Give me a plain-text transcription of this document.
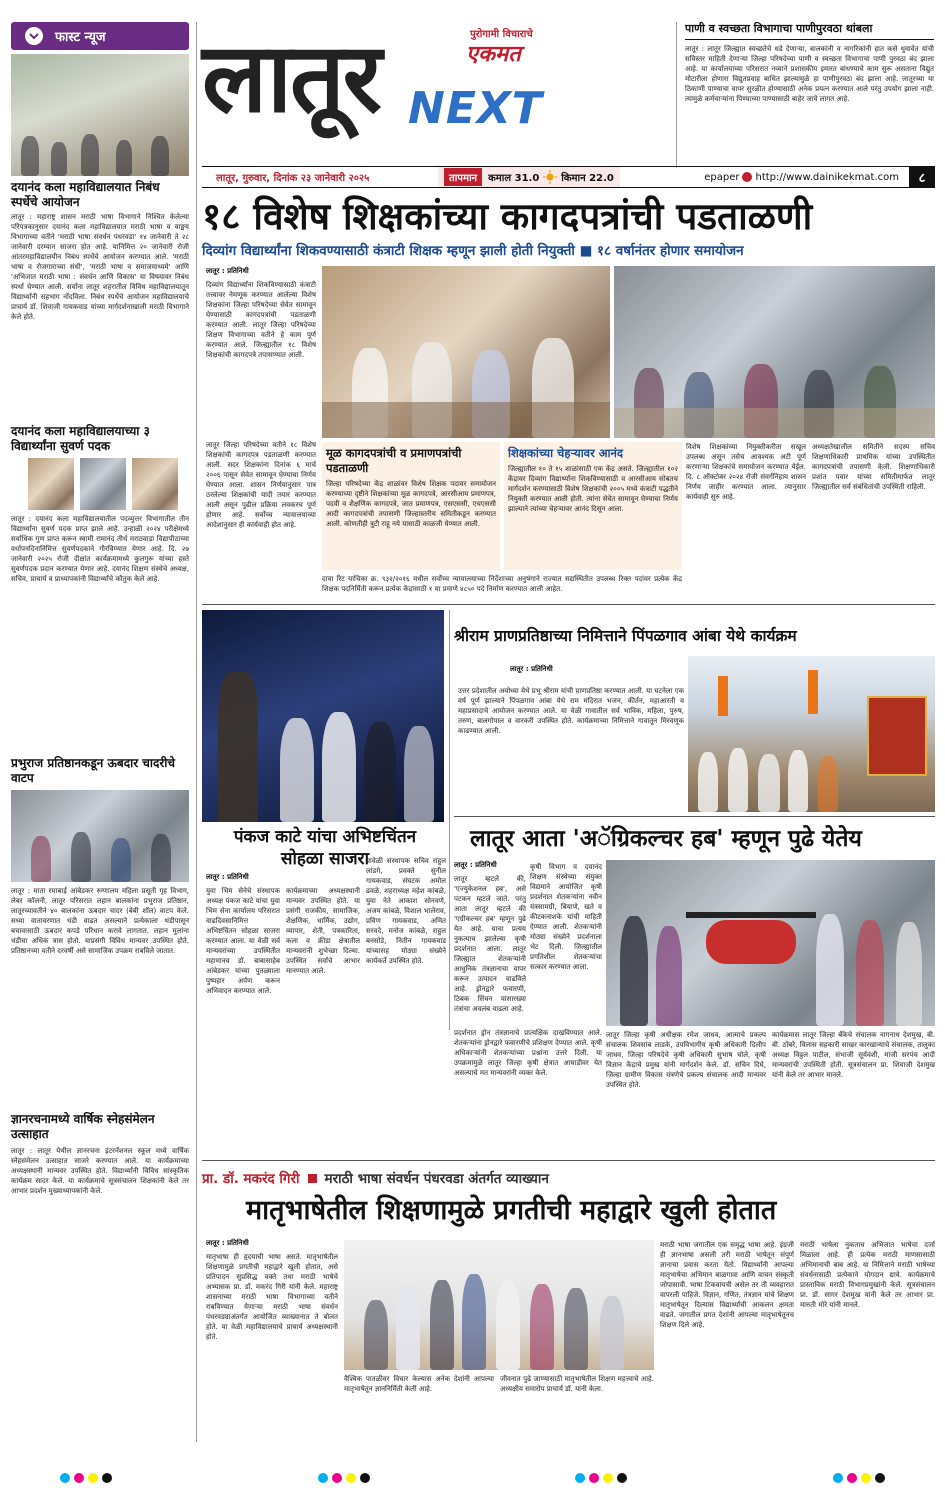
फास्ट न्यूज
दयानंद कला महाविद्यालयात निबंध स्पर्धेचे आयोजन
लातूर : महाराष्ट्र शासन मराठी भाषा विभागाने निश्चित केलेल्या परिपत्रकानुसार दयानंद कला महाविद्यालयात मराठी भाषा व वाङ्मय विभागाच्या वतीने 'मराठी भाषा संवर्धन पंधरवडा' १४ जानेवारी ते २८ जानेवारी दरम्यान साजरा होत आहे. यानिमित्त २० जानेवारी रोजी आंतरमहाविद्यालयीन निबंध स्पर्धेचे आयोजन करण्यात आले. 'मराठी भाषा व रोजगाराच्या संधी', 'मराठी भाषा व समाजमाध्यमे' आणि 'अभिजात मराठी भाषा : संवर्धन आणि विकास' या विषयावर निबंध स्पर्धा घेण्यात आली. सर्वांना लातूर शहरातील विविध महाविद्यालयातून विद्यार्थ्यांनी सहभाग नोंदविला. निबंध स्पर्धेचे आयोजन महाविद्यालयाचे प्राचार्य डॉ. शिवाजी गायकवाड यांच्या मार्गदर्शनाखाली मराठी विभागाने केले होते.
दयानंद कला महाविद्यालयाच्या ३ विद्यार्थ्यांना सुवर्ण पदक
लातूर : दयानंद कला महाविद्यालयातील पदव्युत्तर विभागातील तीन विद्यार्थ्यांना सुवर्ण पदक प्राप्त झाले आहे. उन्हाळी २०२४ परीक्षेमध्ये सर्वाधिक गुण प्राप्त करून स्वामी रामानंद तीर्थ मराठवाडा विद्यापीठाच्या वर्धापनदिनानिमित्त सुवर्णपदकाने गौरविण्यात येणार आहे. दि. २७ जानेवारी २०२५ रोजी दीक्षांत कार्यक्रमामध्ये कुलगुरू यांच्या हस्ते सुवर्णपदक प्रदान करण्यात येणार आहे. दयानंद शिक्षण संस्थेचे अध्यक्ष, सचिव, प्राचार्य व प्राध्यापकांनी विद्यार्थ्यांचे कौतुक केले आहे.
प्रभुराज प्रतिष्ठानकडून ऊबदार चादरीचे वाटप
लातूर : माता रमाबाई आंबेडकर रुग्णालय महिला प्रसूती गृह विभाग, लेबर कॉलनी, लातूर परिसरात लहान बालकांना प्रभुराज प्रतिष्ठान, लातूरच्यावतीने ४० बालकांना ऊबदार चादर (बेबी शॉल) वाटप केले. सध्या वातावरणात थंडी वाढत असल्याने प्रत्येकाला थंडीपासून बचावासाठी ऊबदार कपडे परिधान करावे लागतात. लहान मुलांना थंडीचा अधिक त्रास होतो. याप्रसंगी विविध मान्यवर उपस्थित होते. प्रतिष्ठानच्या वतीने दरवर्षी असे सामाजिक उपक्रम राबविले जातात.
ज्ञानरचनामध्ये वार्षिक स्नेहसंमेलन उत्साहात
लातूर : लातूर येथील ज्ञानरचना इंटरनॅशनल स्कूल मध्ये वार्षिक स्नेहसंमेलन उत्साहात साजरे करण्यात आले. या कार्यक्रमाच्या अध्यक्षस्थानी मान्यवर उपस्थित होते. विद्यार्थ्यांनी विविध सांस्कृतिक कार्यक्रम सादर केले. या कार्यक्रमाचे सूत्रसंचालन शिक्षकांनी केले तर आभार प्रदर्शन मुख्याध्यापकांनी केले.
लातूर	पुरोगामी विचाराचे
एकमत
NEXT
पाणी व स्वच्छता विभागाचा पाणीपुरवठा थांबला
लातूर : लातूर जिल्ह्यात स्वच्छतेचे धडे देणाऱ्या, बालकांनी व नागरिकांनी हात कसे धुवावेत यांची सविस्तर माहिती देणाऱ्या जिल्हा परिषदेच्या पाणी व स्वच्छता विभागाचा पाणी पुरवठा बंद झाला आहे. या कार्यालयाच्या परिसरात नव्याने प्रशासकीय इमारत बांधण्याचे काम सुरू असताना विद्युत मोटारीला होणारा विद्युतप्रवाह बाधित झाल्यामुळे हा पाणीपुरवठा बंद झाला आहे. लातूरच्या या ठिकाणी पाण्याचा वापर सुरळीत होण्यासाठी अनेक प्रयत्न करण्यात आले परंतु उपयोग झाला नाही. त्यामुळे कर्मचाऱ्यांना पिण्याच्या पाण्यासाठी बाहेर जावे लागत आहे.
लातूर, गुरुवार, दिनांक २३ जानेवारी २०२५	तापमान	कमाल 31.0 किमान 22.0	epaper http://www.dainikekmat.com	८
१८ विशेष शिक्षकांच्या कागदपत्रांची पडताळणी
दिव्यांग विद्यार्थ्यांना शिकवण्यासाठी कंत्राटी शिक्षक म्हणून झाली होती नियुक्ती ■ १८ वर्षानंतर होणार समायोजन
लातूर : प्रतिनिधी
दिव्यांग विद्यार्थ्यांना शिकविण्यासाठी कंत्राटी तत्त्वावर नेमणूक करण्यात आलेल्या विशेष शिक्षकांना जिल्हा परिषदेच्या सेवेत सामावून घेण्यासाठी कागदपत्रांची पडताळणी करण्यात आली. लातूर जिल्हा परिषदेच्या शिक्षण विभागाच्या वतीने हे काम पूर्ण करण्यात आले. जिल्ह्यातील १८ विशेष शिक्षकांची कागदपत्रे तपासण्यात आली.
लातूर जिल्हा परिषदेच्या वतीने १८ विशेष शिक्षकांची कागदपत्र पडताळणी करण्यात आली. सदर शिक्षकांना दिनांक ६ मार्च २००६ पासून सेवेत सामावून घेण्याचा निर्णय घेण्यात आला. शासन निर्णयानुसार पात्र ठरलेल्या शिक्षकांची यादी तयार करण्यात आली असून पुढील प्रक्रिया लवकरच पूर्ण होणार आहे. सर्वोच्च न्यायालयाच्या आदेशानुसार ही कार्यवाही होत आहे.
मूळ कागदपत्रांची व प्रमाणपत्रांची पडताळणी
जिल्हा परिषदेच्या केंद्र शाळांवर विशेष शिक्षक पदावर समायोजन करण्याच्या दृष्टीने शिक्षकांच्या मूळ कागदपत्रे, आरसीआय प्रमाणपत्र, पदवी व शैक्षणिक कागदपत्रे, जात प्रमाणपत्र, एसएससी, एचएससी आदी कागदपत्रांची तपासणी जिल्हास्तरीय समितीकडून करण्यात आली. कोणतीही त्रुटी राहू नये यासाठी काळजी घेण्यात आली.
शिक्षकांच्या चेहऱ्यावर आनंद
जिल्ह्यातील १० ते १५ शाळांसाठी एक केंद्र असते. जिल्ह्यातील १०२ केंद्रावर दिव्यांग विद्यार्थ्यांना शिकविण्यासाठी व आरसीआय सोबतच मार्गदर्शन करण्यासाठी विशेष शिक्षकांची २००५ मध्ये कंत्राटी पद्धतीने नियुक्ती करण्यात आली होती. त्यांना सेवेत सामावून घेण्याचा निर्णय झाल्याने त्यांच्या चेहऱ्यावर आनंद दिसून आला.
विशेष शिक्षकांच्या नियुक्तीकरीता सखूल उपलब्ध असून तसेच आवश्यक अटी पूर्ण करणाऱ्या शिक्षकांचे समायोजन करण्यात येईल. दि. ८ ऑक्टोबर २०२४ रोजी संवर्गनिहाय शासन निर्णय जाहीर करण्यात आला. त्यानुसार कार्यवाही सुरु आहे.
अध्यक्षतेखालील समितीने सदस्य सचिव शिक्षणाधिकारी प्राथमिक यांच्या उपस्थितीत कागदपत्रांची तपासणी केली. शिक्षणाधिकारी प्रशांत पवार यांच्या समितीमार्फत लातूर जिल्ह्यातील सर्व संबंधितांची उपस्थिती राहिली.
दावा रिट याचिका क्र. ९३२/२०१६ मधील सर्वोच्च न्यायालयाच्या निर्देशाच्या अनुषंगाने राज्यात सद्यस्थितीत उपलब्ध रिक्त पदांवर प्रत्येक केंद्र शिक्षक पदनिर्मिती करून प्रत्येक केंद्रासाठी १ या प्रमाणे ४८५० पदे निर्माण करण्यात आली आहेत.
पंकज काटे यांचा अभिष्टचिंतन सोहळा साजरा
लातूर : प्रतिनिधी
युवा भिम सेनेचे संस्थापक अध्यक्ष पंकज काटे यांचा युवा भिम सेना कार्यालय परिसरात वाढदिवसानिमित्त अभिष्टचिंतन सोहळा साजरा करण्यात आला. या वेळी सर्व मान्यवरांच्या उपस्थितीत महामानव डॉ. बाबासाहेब आंबेडकर यांच्या पुतळ्याला पुष्पहार अर्पण करून अभिवादन करण्यात आले.
कार्यक्रमाच्या अध्यक्षस्थानी मान्यवर उपस्थित होते. या प्रसंगी राजकीय, सामाजिक, शैक्षणिक, धार्मिक, उद्योग, व्यापार, शेती, पत्रकारिता, कला व क्रीडा क्षेत्रातील मान्यवरांनी शुभेच्छा दिल्या. उपस्थित सर्वांचे आभार मानण्यात आले.
यावेळी संस्थापक सचिव राहुल लांडगे, प्रवक्ते सुनील गायकवाड, संघटक अमोल ढवळे, शहराध्यक्ष महेश कांबळे, युवा नेते आकाश सोनवणे, अजय कांबळे, विशाल भालेराव, प्रविण गायकवाड, अमित सरवदे, मनोज कांबळे, राहुल बनसोडे, नितीन गायकवाड यांच्यासह मोठ्या संख्येने कार्यकर्ते उपस्थित होते.
श्रीराम प्राणप्रतिष्ठाच्या निमित्ताने पिंपळगाव आंबा येथे कार्यक्रम
लातूर : प्रतिनिधी
उत्तर प्रदेशातील अयोध्या येथे प्रभू श्रीराम यांची प्राणप्रतिष्ठा करण्यात आली. या घटनेला एक वर्ष पूर्ण झाल्याने पिंपळगाव आंबा येथे राम मंदिरात भजन, कीर्तन, महाआरती व महाप्रसादाचे आयोजन करण्यात आले. या वेळी गावातील सर्व भाविक, महिला, पुरुष, तरुण, बालगोपाल व वारकरी उपस्थित होते. कार्यक्रमाच्या निमित्ताने गावातून मिरवणूक काढण्यात आली.
लातूर आता 'अॅग्रिकल्चर हब' म्हणून पुढे येतेय
लातूर : प्रतिनिधी
लातूर म्हटले की, 'एज्युकेशनल हब', असे पटकन म्हटले जाते. परंतु आता लातूर म्हटले की 'एग्रीकल्चर हब' म्हणून पुढे येत आहे. याचा प्रत्यय नुकत्याच झालेल्या कृषी प्रदर्शनात आला. लातूर जिल्ह्यात शेतकऱ्यांनी आधुनिक तंत्रज्ञानाचा वापर करून उत्पादन वाढविले आहे. ड्रोनद्वारे फवारणी, ठिबक सिंचन यांसारख्या तंत्रांचा अवलंब वाढला आहे.
कृषी विभाग व दयानंद शिक्षण संस्थेच्या संयुक्त विद्यमाने आयोजित कृषी प्रदर्शनात शेतकऱ्यांना नवीन यंत्रसामग्री, बियाणे, खते व कीटकनाशके यांची माहिती देण्यात आली. शेतकऱ्यांनी मोठ्या संख्येने प्रदर्शनाला भेट दिली. जिल्ह्यातील प्रगतिशील शेतकऱ्यांचा सत्कार करण्यात आला.
लातूर जिल्हा कृषी अधीक्षक रमेश जाधव, आत्माचे प्रकल्प संचालक शिवसांब लाडके, उपविभागीय कृषी अधिकारी दिलीप जाधव, जिल्हा परिषदेचे कृषी अधिकारी सुभाष चोले, कृषी विज्ञान केंद्राचे प्रमुख यांनी मार्गदर्शन केले. डॉ. सचिन दिघे, जिल्हा ग्रामीण विकास यंत्रणेचे प्रकल्प संचालक आदी मान्यवर उपस्थित होते.
कार्यक्रमास लातूर जिल्हा बँकेचे संचालक नागनाथ देशमुख, बी. बी. ठोंबरे, विलास सहकारी साखर कारखान्याचे संचालक, तालुका अध्यक्ष विठ्ठल पाटील, संभाजी सूर्यवंशी, माजी सरपंच आदी मान्यवरांची उपस्थिती होती. सूत्रसंचालन प्रा. शिवाजी देशमुख यांनी केले तर आभार मानले.
प्रदर्शनात ड्रोन तंत्रज्ञानाचे प्रात्यक्षिक दाखविण्यात आले. शेतकऱ्यांना ड्रोनद्वारे फवारणीचे प्रशिक्षण देण्यात आले. कृषी अधिकाऱ्यांनी शेतकऱ्यांच्या प्रश्नांना उत्तरे दिली. या उपक्रमामुळे लातूर जिल्हा कृषी क्षेत्रात आघाडीवर येत असल्याचे मत मान्यवरांनी व्यक्त केले.
प्रा. डॉ. मकरंद गिरी मराठी भाषा संवर्धन पंधरवडा अंतर्गत व्याख्यान
मातृभाषेतील शिक्षणामुळे प्रगतीची महाद्वारे खुली होतात
लातूर : प्रतिनिधी
मातृभाषा ही हृदयाची भाषा असते. मातृभाषेतील शिक्षणामुळे प्रगतीची महाद्वारे खुली होतात, असे प्रतिपादन सुप्रसिद्ध वक्ते तथा मराठी भाषेचे अभ्यासक प्रा. डॉ. मकरंद गिरी यांनी केले. महाराष्ट्र शासनाच्या मराठी भाषा विभागाच्या वतीने राबविण्यात येणाऱ्या मराठी भाषा संवर्धन पंधरवड्याअंतर्गत आयोजित व्याख्यानात ते बोलत होते. या वेळी महाविद्यालयाचे प्राचार्य अध्यक्षस्थानी होते.
वैश्विक पातळीवर विचार केल्यास अनेक देशांनी आपल्या मातृभाषेतून ज्ञाननिर्मिती केली आहे.
जीवनात पुढे जाण्यासाठी मातृभाषेतील शिक्षण महत्त्वाचे आहे. अध्यक्षीय समारोप प्राचार्य डॉ. यांनी केला.
मराठी भाषा जगातील एक समृद्ध भाषा आहे. इंग्रजी ही ज्ञानभाषा असली तरी मराठी भाषेतून संपूर्ण ज्ञानाचा प्रवास करता येतो. विद्यार्थ्यांनी आपल्या मातृभाषेचा अभिमान बाळगावा आणि वाचन संस्कृती जोपासावी. भाषा टिकवायची असेल तर ती व्यवहारात वापरली पाहिजे. विज्ञान, गणित, तंत्रज्ञान यांचे शिक्षण मातृभाषेतून दिल्यास विद्यार्थ्यांची आकलन क्षमता वाढते. जगातील प्रगत देशांनी आपल्या मातृभाषेतूनच शिक्षण दिले आहे.
मराठी भाषेला नुकताच अभिजात भाषेचा दर्जा मिळाला आहे. ही प्रत्येक मराठी माणसासाठी अभिमानाची बाब आहे. या निमित्ताने मराठी भाषेच्या संवर्धनासाठी प्रत्येकाने योगदान द्यावे. कार्यक्रमाचे प्रास्ताविक मराठी विभागप्रमुखांनी केले. सूत्रसंचालन प्रा. डॉ. सागर देशमुख यांनी केले तर आभार प्रा. मारुती मोरे यांनी मानले.
